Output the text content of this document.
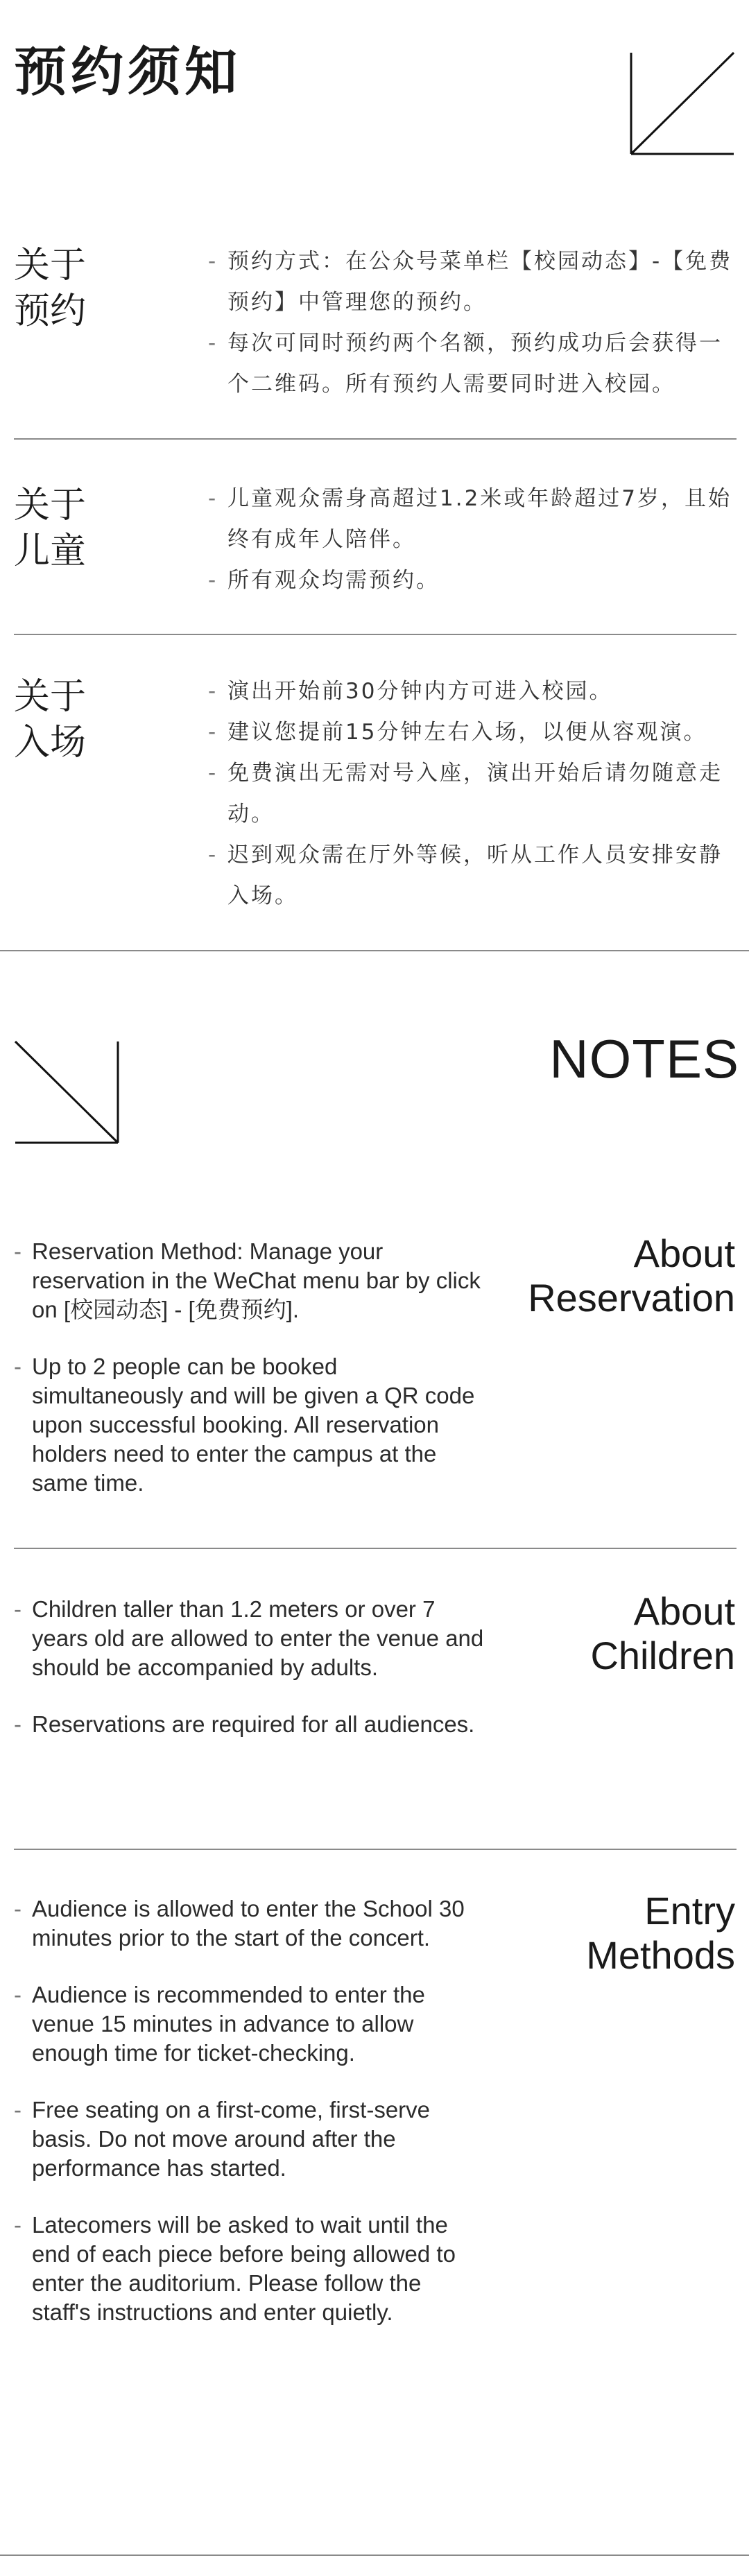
预约须知
关于
预约
- 预约方式：在公众号菜单栏【校园动态】-【免费预约】中管理您的预约。
- 每次可同时预约两个名额，预约成功后会获得一个二维码。所有预约人需要同时进入校园。
关于
儿童
- 儿童观众需身高超过1.2米或年龄超过7岁，且始终有成年人陪伴。
- 所有观众均需预约。
关于
入场
- 演出开始前30分钟内方可进入校园。
- 建议您提前15分钟左右入场，以便从容观演。
- 免费演出无需对号入座，演出开始后请勿随意走动。
- 迟到观众需在厅外等候，听从工作人员安排安静入场。
NOTES
- Reservation Method: Manage your reservation in the WeChat menu bar by click on [校园动态] - [免费预约].
- Up to 2 people can be booked simultaneously and will be given a QR code upon successful booking. All reservation holders need to enter the campus at the same time.
About
Reservation
- Children taller than 1.2 meters or over 7 years old are allowed to enter the venue and should be accompanied by adults.
- Reservations are required for all audiences.
About
Children
- Audience is allowed to enter the School 30 minutes prior to the start of the concert.
- Audience is recommended to enter the venue 15 minutes in advance to allow enough time for ticket-checking.
- Free seating on a first-come, first-serve basis. Do not move around after the performance has started.
- Latecomers will be asked to wait until the end of each piece before being allowed to enter the auditorium. Please follow the staff's instructions and enter quietly.
Entry
Methods
